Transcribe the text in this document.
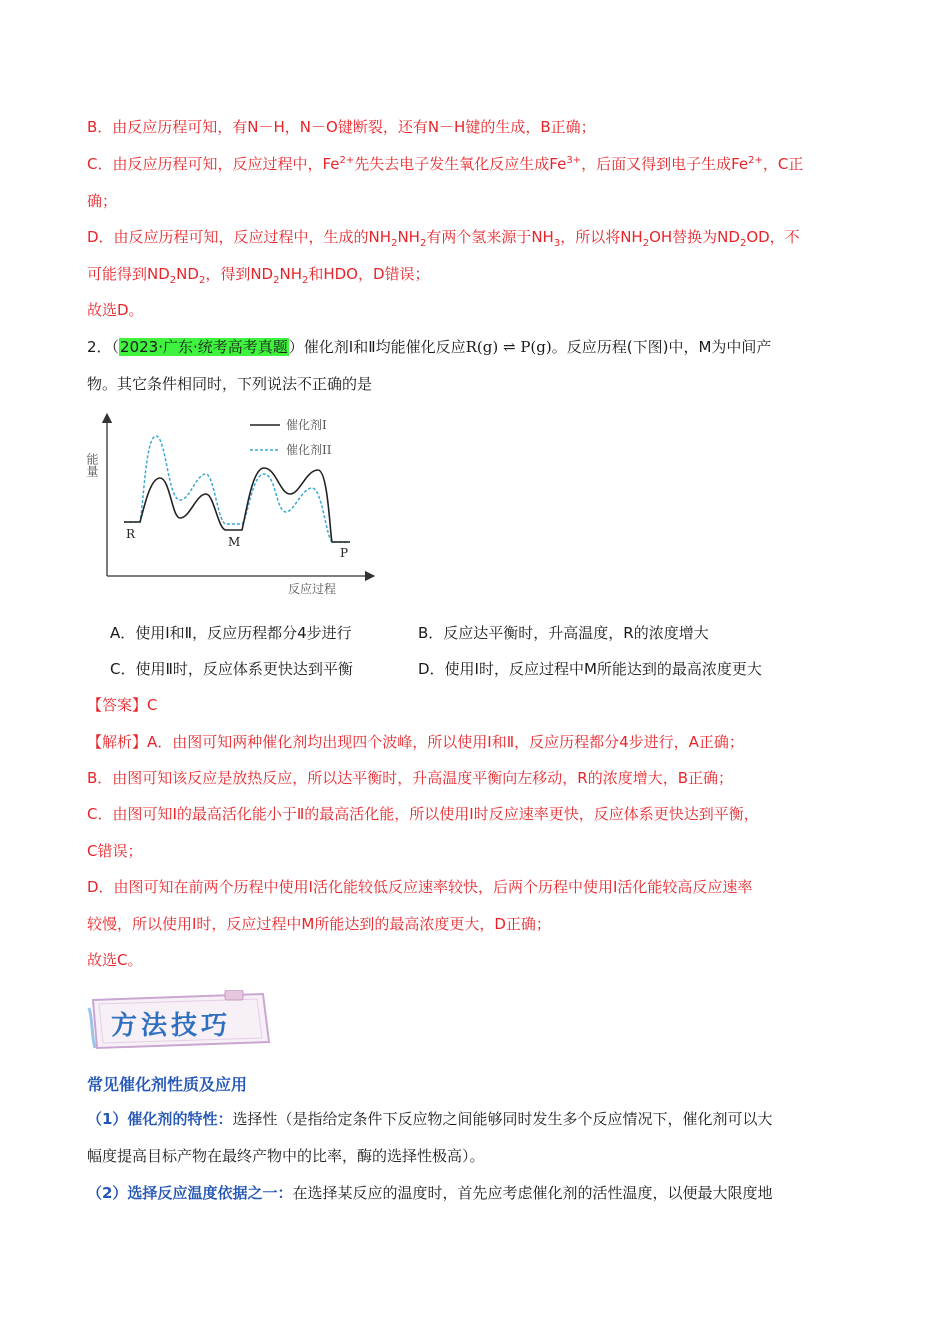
B．由反应历程可知，有N－H，N－O键断裂，还有N－H键的生成，B正确；
C．由反应历程可知，反应过程中，$Fe^{2+}$先失去电子发生氧化反应生成$Fe^{3+}$，后面又得到电子生成$Fe^{2+}$，C正
确；
D．由反应历程可知，反应过程中，生成的$NH_2NH_2$有两个氢来源于$NH_3$，所以将$NH_2OH$替换为$ND_2OD$，不
可能得到$ND_2ND_2$，得到$ND_2NH_2$和HDO，D错误；
故选D。
2．（2023·广东·统考高考真题）催化剂Ⅰ和Ⅱ均能催化反应R(g) ⇌ P(g)。反应历程(下图)中，M为中间产
物。其它条件相同时，下列说法不正确的是
能量
反应过程
催化剂I
催化剂II
R
M
P
A．使用Ⅰ和Ⅱ，反应历程都分4步进行	B．反应达平衡时，升高温度，R的浓度增大
C．使用Ⅱ时，反应体系更快达到平衡	D．使用Ⅰ时，反应过程中M所能达到的最高浓度更大
【答案】C
【解析】A．由图可知两种催化剂均出现四个波峰，所以使用Ⅰ和Ⅱ，反应历程都分4步进行，A正确；
B．由图可知该反应是放热反应，所以达平衡时，升高温度平衡向左移动，R的浓度增大，B正确；
C．由图可知Ⅰ的最高活化能小于Ⅱ的最高活化能，所以使用Ⅰ时反应速率更快，反应体系更快达到平衡，
C错误；
D．由图可知在前两个历程中使用Ⅰ活化能较低反应速率较快，后两个历程中使用Ⅰ活化能较高反应速率
较慢，所以使用Ⅰ时，反应过程中M所能达到的最高浓度更大，D正确；
故选C。
方法技巧
常见催化剂性质及应用
（1）催化剂的特性：选择性（是指给定条件下反应物之间能够同时发生多个反应情况下，催化剂可以大
幅度提高目标产物在最终产物中的比率，酶的选择性极高）。
（2）选择反应温度依据之一：在选择某反应的温度时，首先应考虑催化剂的活性温度，以便最大限度地
